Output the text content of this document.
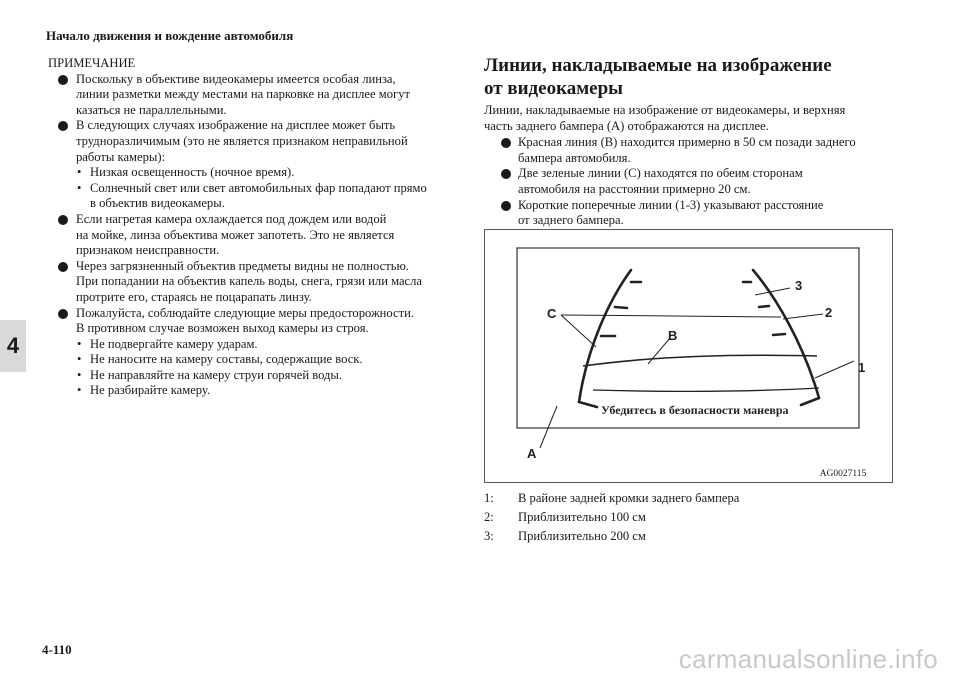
Начало движения и вождение автомобиля
4
ПРИМЕЧАНИЕ
Поскольку в объективе видеокамеры имеется особая линза,
линии разметки между местами на парковке на дисплее могут
казаться не параллельными.
В следующих случаях изображение на дисплее может быть
трудноразличимым (это не является признаком неправильной
работы камеры):
• Низкая освещенность (ночное время).
• Солнечный свет или свет автомобильных фар попадают прямо
в объектив видеокамеры.
Если нагретая камера охлаждается под дождем или водой
на мойке, линза объектива может запотеть. Это не является
признаком неисправности.
Через загрязненный объектив предметы видны не полностью.
При попадании на объектив капель воды, снега, грязи или масла
протрите его, стараясь не поцарапать линзу.
Пожалуйста, соблюдайте следующие меры предосторожности.
В противном случае возможен выход камеры из строя.
• Не подвергайте камеру ударам.
• Не наносите на камеру составы, содержащие воск.
• Не направляйте на камеру струи горячей воды.
• Не разбирайте камеру.
Линии, накладываемые на изображение
от видеокамеры

Линии, накладываемые на изображение от видеокамеры, и верхняя
часть заднего бампера (А) отображаются на дисплее.

Красная линия (B) находится примерно в 50 см позади заднего
бампера автомобиля.
Две зеленые линии (C) находятся по обеим сторонам
автомобиля на расстоянии примерно 20 см.
Короткие поперечные линии (1-3) указывают расстояние
от заднего бампера.
C
B
3
2
1
A
Убедитесь в безопасности маневра
AG0027115
1:	В районе задней кромки заднего бампера
2:	Приблизительно 100 см
3:	Приблизительно 200 см
4-110	carmanualsonline.info
